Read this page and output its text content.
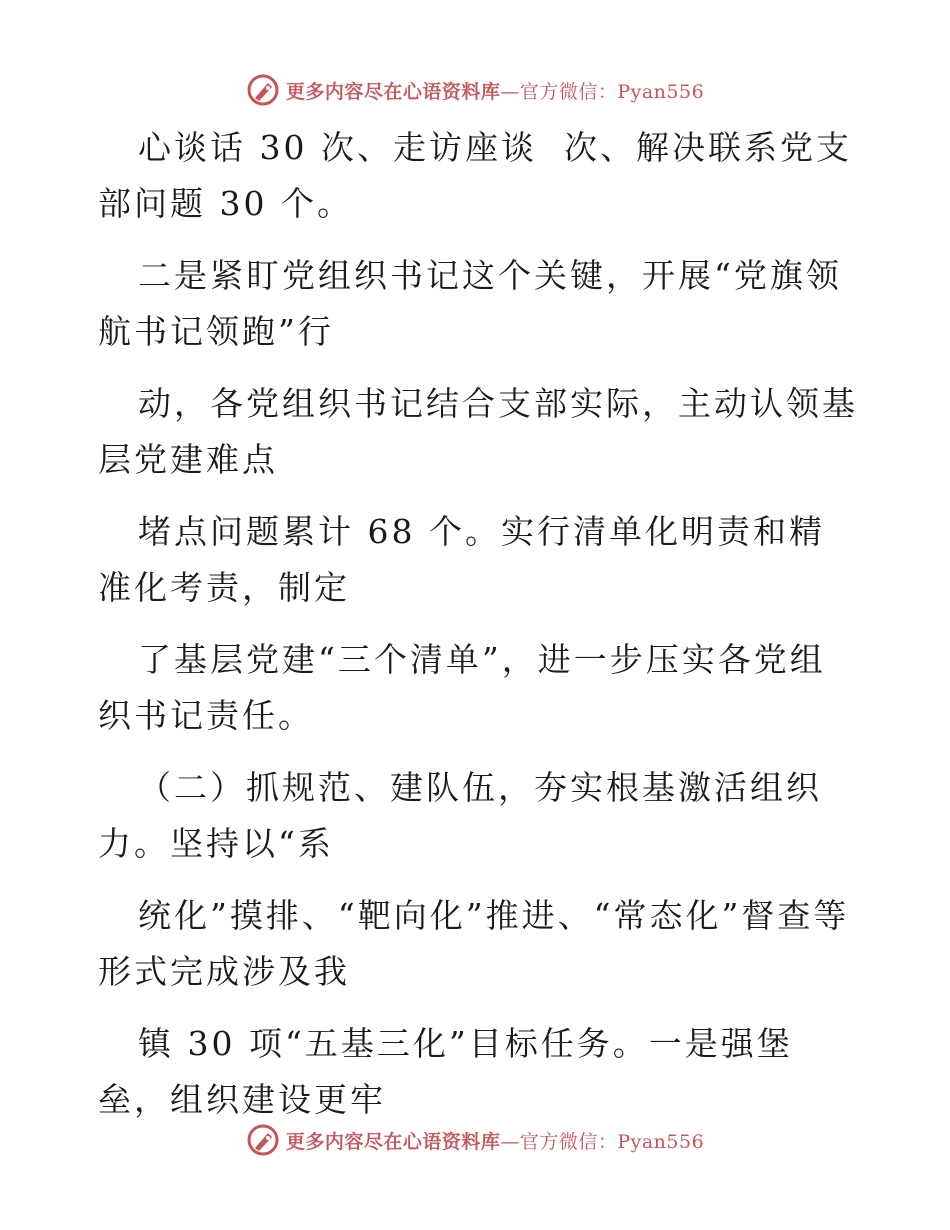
更多内容尽在心语资料库—官方微信：Pyan556

心谈话 30 次、走访座谈  次、解决联系党支部问题 30 个。

二是紧盯党组织书记这个关键，开展“党旗领航书记领跑”行

动，各党组织书记结合支部实际，主动认领基层党建难点

堵点问题累计 68 个。实行清单化明责和精准化考责，制定

了基层党建“三个清单”，进一步压实各党组织书记责任。

（二）抓规范、建队伍，夯实根基激活组织力。坚持以“系

统化”摸排、“靶向化”推进、“常态化”督查等形式完成涉及我

镇 30 项“五基三化”目标任务。一是强堡垒，组织建设更牢

更多内容尽在心语资料库—官方微信：Pyan556
